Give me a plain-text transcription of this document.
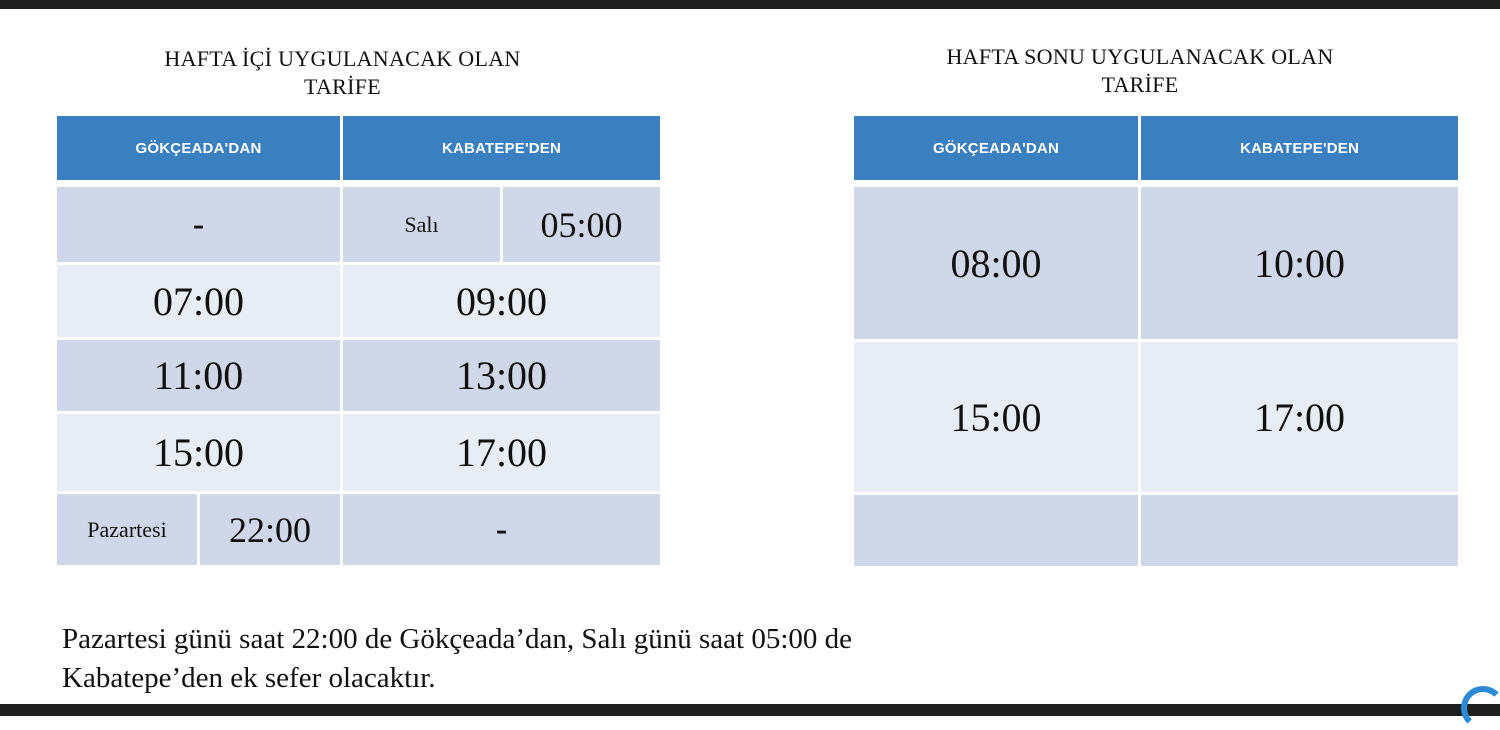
HAFTA İÇİ UYGULANACAK OLAN
TARİFE
GÖKÇEADA'DAN	KABATEPE'DEN
-	Salı	05:00
07:00	09:00
11:00	13:00
15:00	17:00
Pazartesi	22:00	-
HAFTA SONU UYGULANACAK OLAN
TARİFE
GÖKÇEADA'DAN	KABATEPE'DEN
08:00	10:00
15:00	17:00
Pazartesi günü saat 22:00 de Gökçeada’dan, Salı günü saat 05:00 de
Kabatepe’den ek sefer olacaktır.
